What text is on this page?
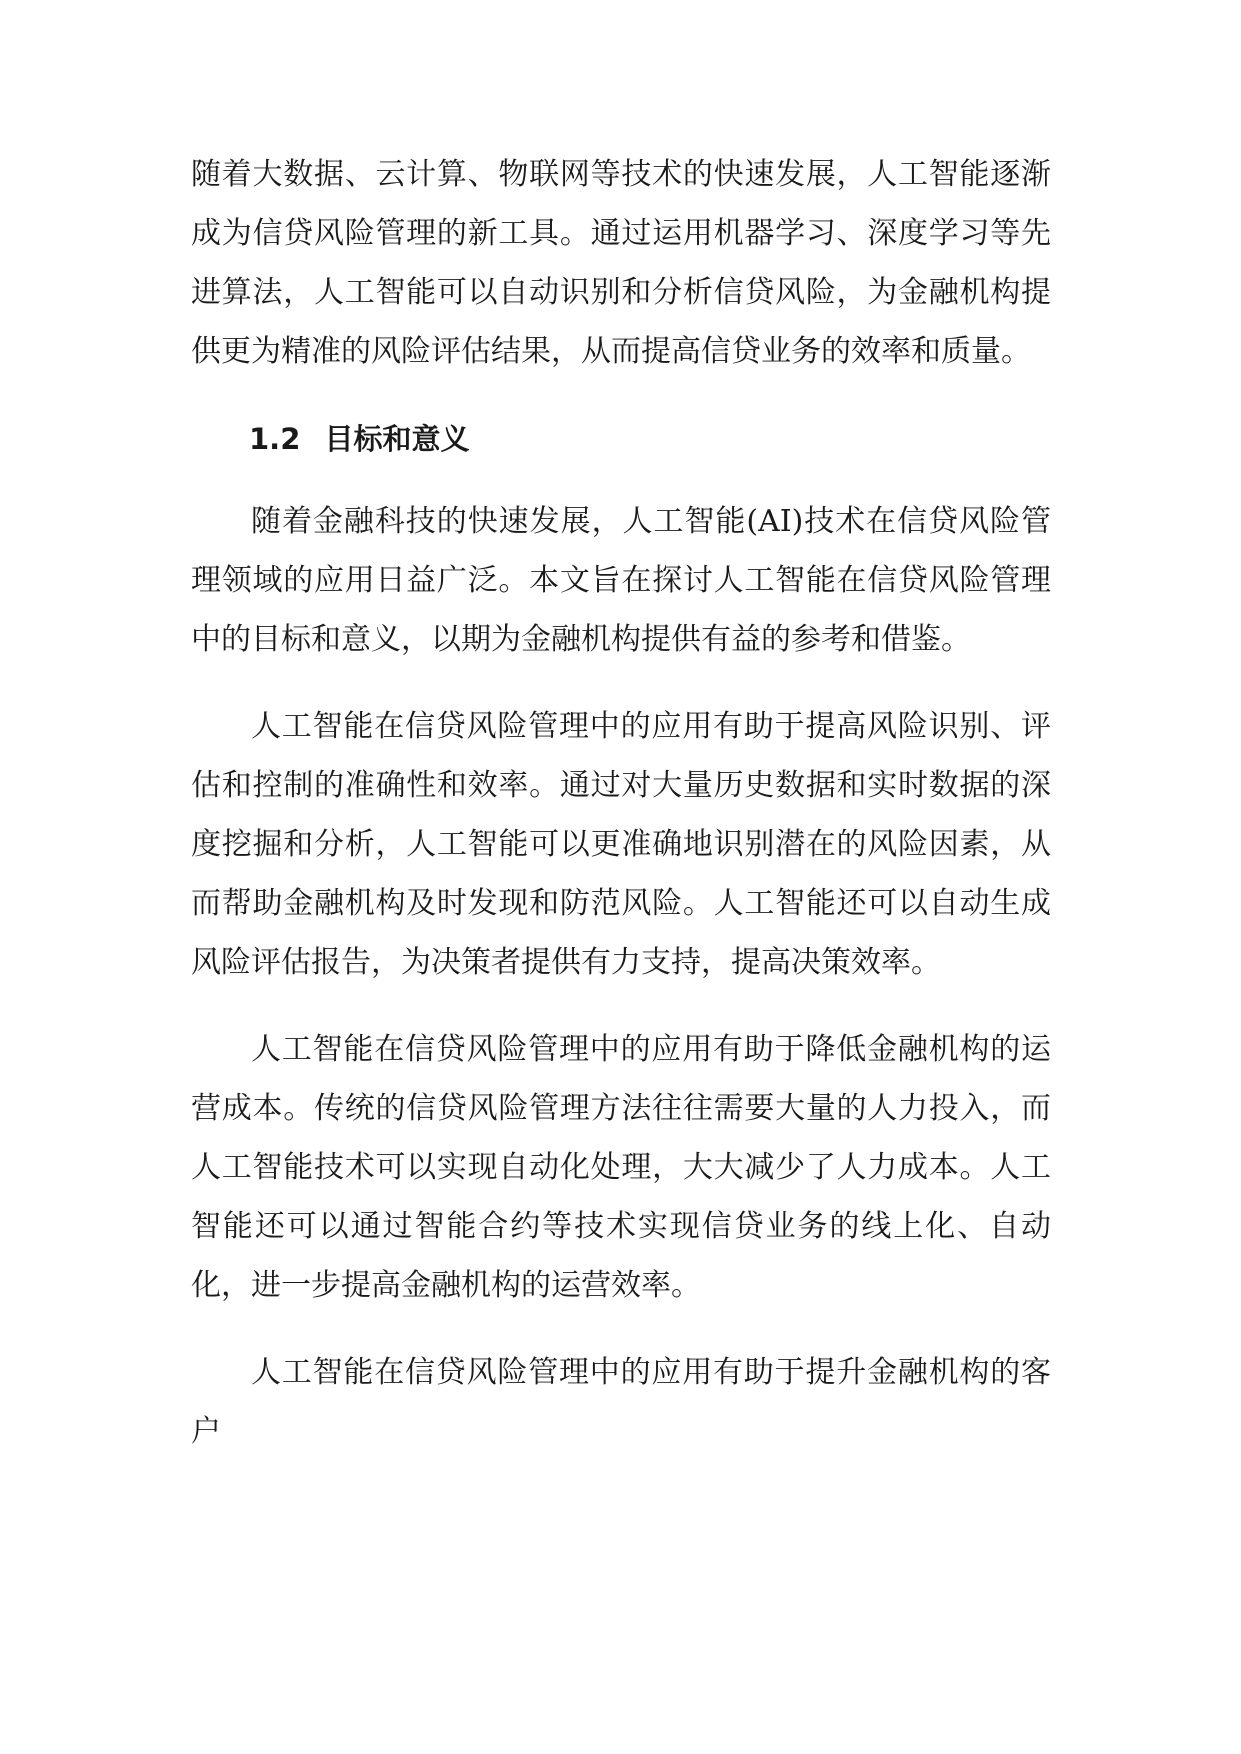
随着大数据、云计算、物联网等技术的快速发展，人工智能逐渐成为信贷风险管理的新工具。通过运用机器学习、深度学习等先进算法，人工智能可以自动识别和分析信贷风险，为金融机构提供更为精准的风险评估结果，从而提高信贷业务的效率和质量。

1.2 目标和意义

随着金融科技的快速发展，人工智能(AI)技术在信贷风险管理领域的应用日益广泛。本文旨在探讨人工智能在信贷风险管理中的目标和意义，以期为金融机构提供有益的参考和借鉴。

人工智能在信贷风险管理中的应用有助于提高风险识别、评估和控制的准确性和效率。通过对大量历史数据和实时数据的深度挖掘和分析，人工智能可以更准确地识别潜在的风险因素，从而帮助金融机构及时发现和防范风险。人工智能还可以自动生成风险评估报告，为决策者提供有力支持，提高决策效率。

人工智能在信贷风险管理中的应用有助于降低金融机构的运营成本。传统的信贷风险管理方法往往需要大量的人力投入，而人工智能技术可以实现自动化处理，大大减少了人力成本。人工智能还可以通过智能合约等技术实现信贷业务的线上化、自动化，进一步提高金融机构的运营效率。

人工智能在信贷风险管理中的应用有助于提升金融机构的客户
